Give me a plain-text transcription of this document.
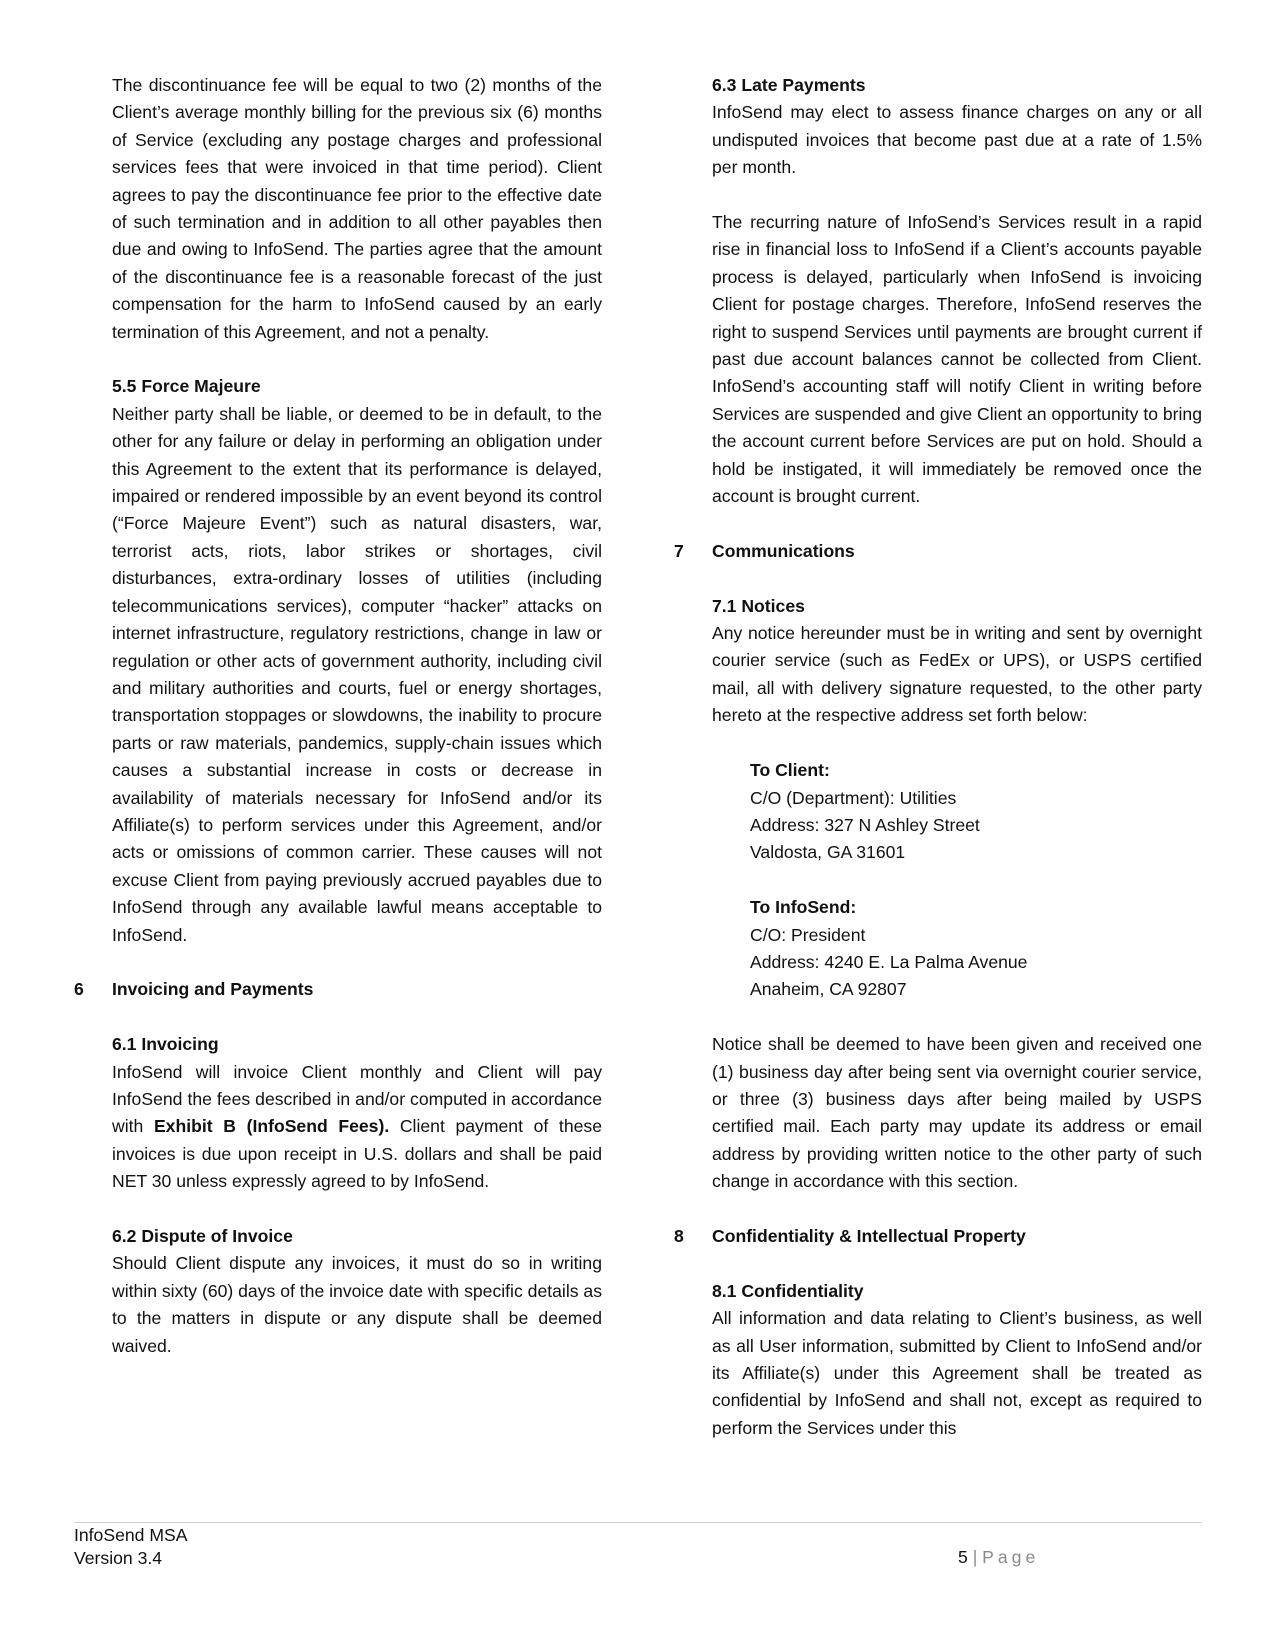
The discontinuance fee will be equal to two (2) months of the Client’s average monthly billing for the previous six (6) months of Service (excluding any postage charges and professional services fees that were invoiced in that time period). Client agrees to pay the discontinuance fee prior to the effective date of such termination and in addition to all other payables then due and owing to InfoSend. The parties agree that the amount of the discontinuance fee is a reasonable forecast of the just compensation for the harm to InfoSend caused by an early termination of this Agreement, and not a penalty.

5.5 Force Majeure

Neither party shall be liable, or deemed to be in default, to the other for any failure or delay in performing an obligation under this Agreement to the extent that its performance is delayed, impaired or rendered impossible by an event beyond its control (“Force Majeure Event”) such as natural disasters, war, terrorist acts, riots, labor strikes or shortages, civil disturbances, extra-ordinary losses of utilities (including telecommunications services), computer “hacker” attacks on internet infrastructure, regulatory restrictions, change in law or regulation or other acts of government authority, including civil and military authorities and courts, fuel or energy shortages, transportation stoppages or slowdowns, the inability to procure parts or raw materials, pandemics, supply-chain issues which causes a substantial increase in costs or decrease in availability of materials necessary for InfoSend and/or its Affiliate(s) to perform services under this Agreement, and/or acts or omissions of common carrier. These causes will not excuse Client from paying previously accrued payables due to InfoSend through any available lawful means acceptable to InfoSend.

6 Invoicing and Payments

6.1 Invoicing

InfoSend will invoice Client monthly and Client will pay InfoSend the fees described in and/or computed in accordance with Exhibit B (InfoSend Fees). Client payment of these invoices is due upon receipt in U.S. dollars and shall be paid NET 30 unless expressly agreed to by InfoSend.

6.2 Dispute of Invoice

Should Client dispute any invoices, it must do so in writing within sixty (60) days of the invoice date with specific details as to the matters in dispute or any dispute shall be deemed waived.

6.3 Late Payments

InfoSend may elect to assess finance charges on any or all undisputed invoices that become past due at a rate of 1.5% per month.

The recurring nature of InfoSend’s Services result in a rapid rise in financial loss to InfoSend if a Client’s accounts payable process is delayed, particularly when InfoSend is invoicing Client for postage charges. Therefore, InfoSend reserves the right to suspend Services until payments are brought current if past due account balances cannot be collected from Client. InfoSend’s accounting staff will notify Client in writing before Services are suspended and give Client an opportunity to bring the account current before Services are put on hold. Should a hold be instigated, it will immediately be removed once the account is brought current.

7 Communications

7.1 Notices

Any notice hereunder must be in writing and sent by overnight courier service (such as FedEx or UPS), or USPS certified mail, all with delivery signature requested, to the other party hereto at the respective address set forth below:

To Client:
C/O (Department): Utilities
Address: 327 N Ashley Street
Valdosta, GA 31601
To InfoSend:
C/O: President
Address: 4240 E. La Palma Avenue
Anaheim, CA 92807

Notice shall be deemed to have been given and received one (1) business day after being sent via overnight courier service, or three (3) business days after being mailed by USPS certified mail. Each party may update its address or email address by providing written notice to the other party of such change in accordance with this section.

8 Confidentiality & Intellectual Property

8.1 Confidentiality

All information and data relating to Client’s business, as well as all User information, submitted by Client to InfoSend and/or its Affiliate(s) under this Agreement shall be treated as confidential by InfoSend and shall not, except as required to perform the Services under this

InfoSend MSA
Version 3.4	5 | Page
